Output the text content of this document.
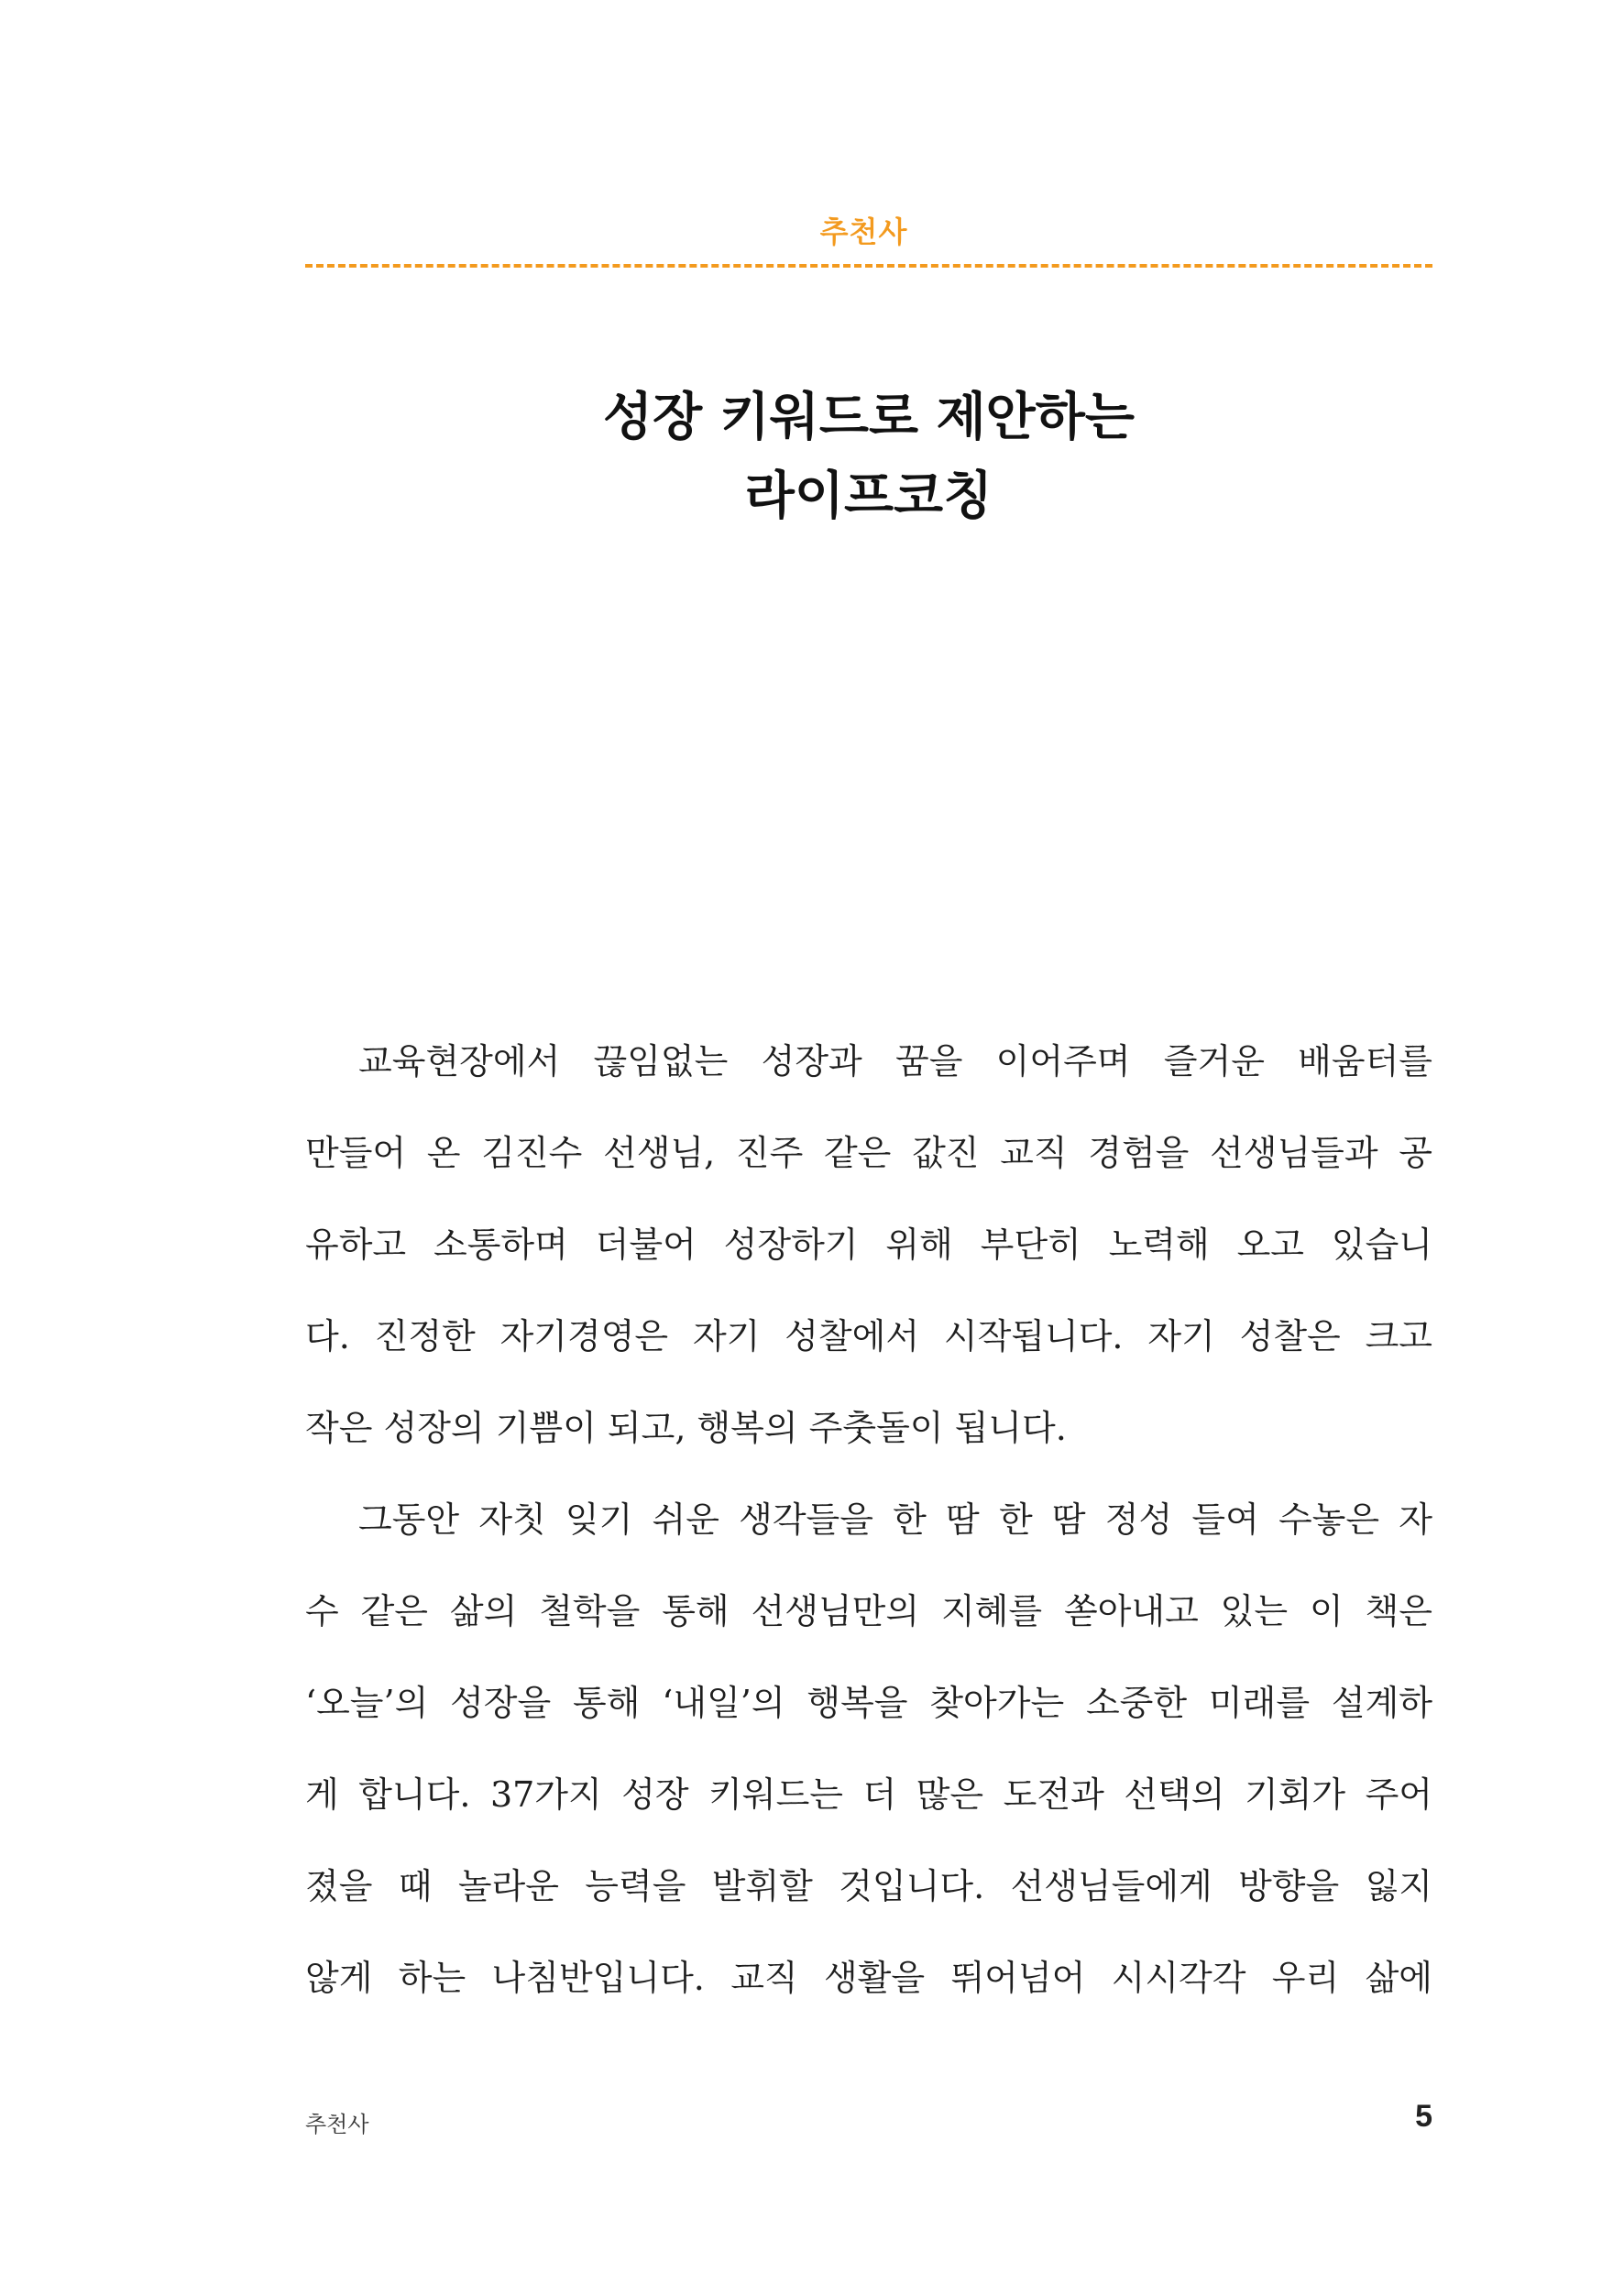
추천사
성장 키워드로 제안하는
라이프코칭
교육현장에서 끊임없는 성장과 꿈을 이어주며 즐거운 배움터를
만들어 온 김진수 선생님, 진주 같은 값진 교직 경험을 선생님들과 공
유하고 소통하며 더불어 성장하기 위해 부단히 노력해 오고 있습니
다. 진정한 자기경영은 자기 성찰에서 시작됩니다. 자기 성찰은 크고
작은 성장의 기쁨이 되고, 행복의 주춧돌이 됩니다.
그동안 자칫 잊기 쉬운 생각들을 한 땀 한 땀 정성 들여 수놓은 자
수 같은 삶의 철학을 통해 선생님만의 지혜를 쏟아내고 있는 이 책은
‘오늘’의 성장을 통해 ‘내일’의 행복을 찾아가는 소중한 미래를 설계하
게 합니다. 37가지 성장 키워드는 더 많은 도전과 선택의 기회가 주어
졌을 때 놀라운 능력을 발휘할 것입니다. 선생님들에게 방향을 잃지
않게 하는 나침반입니다. 교직 생활을 뛰어넘어 시시각각 우리 삶에
추천사	5
